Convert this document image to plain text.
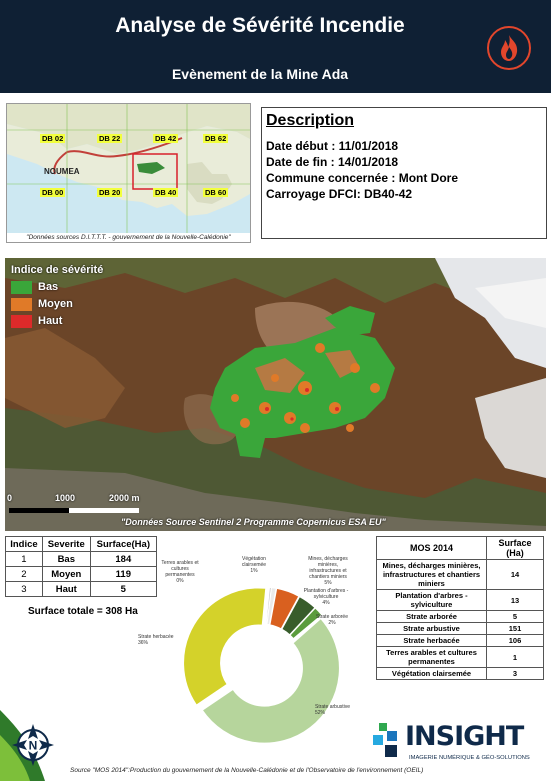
Analyse de Sévérité Incendie
Evènement de la Mine Ada
NOUMEA
DB 02	DB 22	DB 42	DB 62
DB 00	DB 20	DB 40	DB 60
"Données sources D.I.T.T.T. - gouvernement de la Nouvelle-Calédonie"
Description
Date début : 11/01/2018
Date de fin : 14/01/2018
Commune concernée : Mont Dore
Carroyage DFCI: DB40-42
Indice de sévérité
Bas
Moyen
Haut
0	1000	2000 m
"Données Source Sentinel 2 Programme Copernicus ESA EU"
Indice	Severite	Surface(Ha)
1	Bas	184
2	Moyen	119
3	Haut	5
Surface totale = 308 Ha
MOS 2014	Surface (Ha)
Mines, décharges minières, infrastructures et chantiers miniers	14
Plantation d'arbres - sylviculture	13
Strate arborée	5
Strate arbustive	151
Strate herbacée	106
Terres arables et cultures permanentes	1
Végétation clairsemée	3
Strate arbustive 52%
Strate herbacée 36%
Terres arables et cultures permanentes 0%
Végétation clairsemée 1%
Mines, décharges minières, infrastructures et chantiers miniers 5%
Plantation d'arbres -sylviculture 4%
Strate arborée 2%
N	INSIGHT
IMAGERIE NUMÉRIQUE & GÉO-SOLUTIONS
Source "MOS 2014":Production du gouvernement de la Nouvelle-Calédonie et de l'Observatoire de l'environnement (OEIL)
